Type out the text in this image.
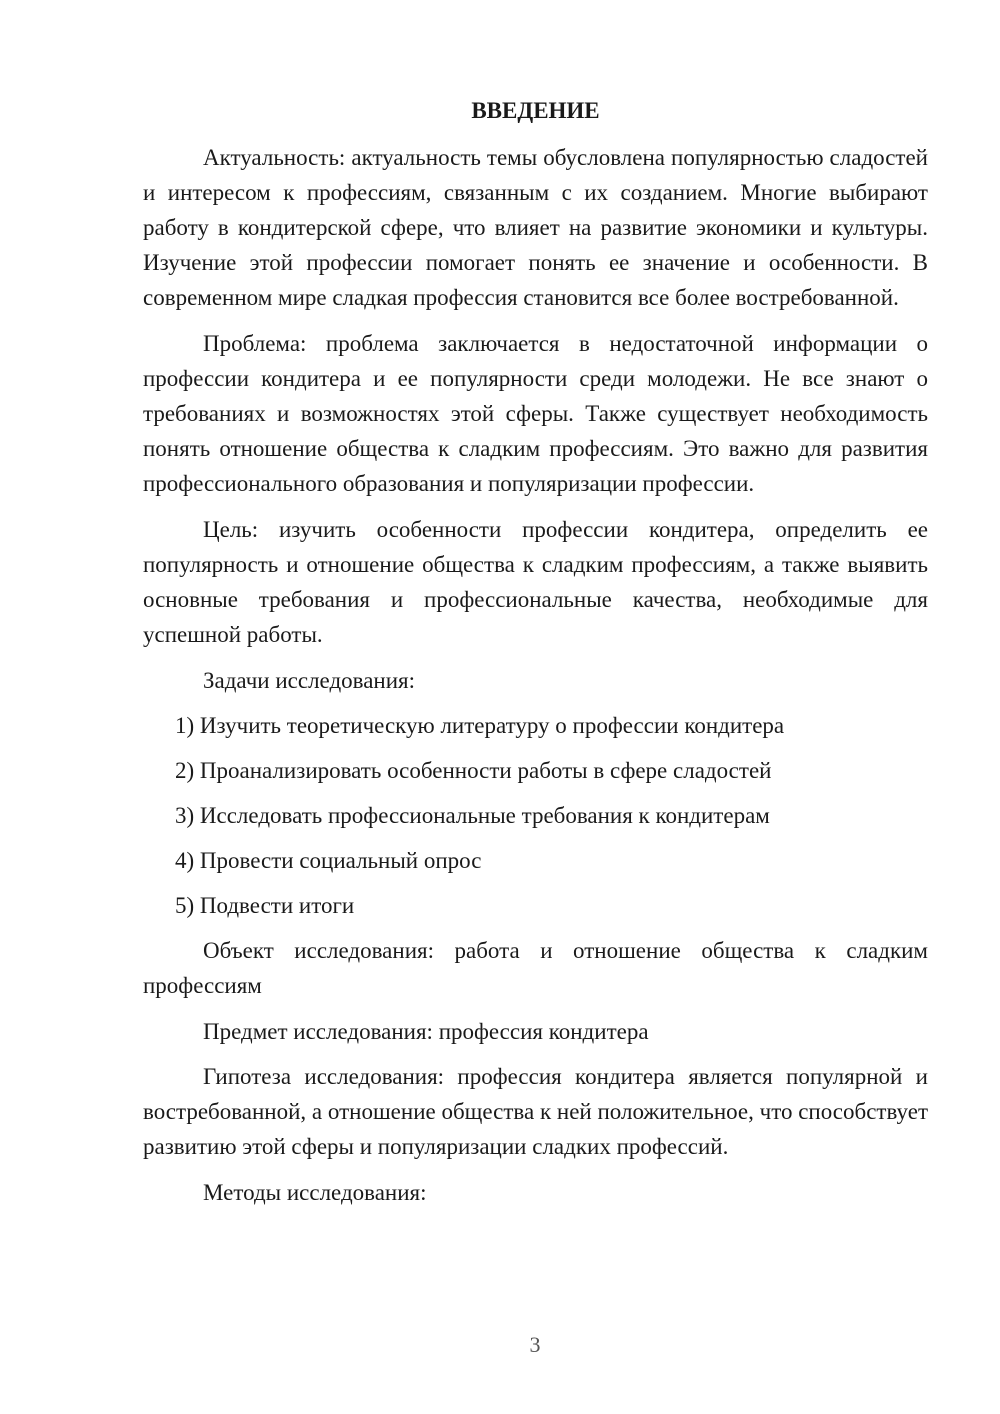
ВВЕДЕНИЕ

Актуальность: актуальность темы обусловлена популярностью сладостей и интересом к профессиям, связанным с их созданием. Многие выбирают работу в кондитерской сфере, что влияет на развитие экономики и культуры. Изучение этой профессии помогает понять ее значение и особенности. В современном мире сладкая профессия становится все более востребованной.

Проблема: проблема заключается в недостаточной информации о профессии кондитера и ее популярности среди молодежи. Не все знают о требованиях и возможностях этой сферы. Также существует необходимость понять отношение общества к сладким профессиям. Это важно для развития профессионального образования и популяризации профессии.

Цель: изучить особенности профессии кондитера, определить ее популярность и отношение общества к сладким профессиям, а также выявить основные требования и профессиональные качества, необходимые для успешной работы.

Задачи исследования:

1) Изучить теоретическую литературу о профессии кондитера
2) Проанализировать особенности работы в сфере сладостей
3) Исследовать профессиональные требования к кондитерам
4) Провести социальный опрос
5) Подвести итоги

Объект исследования: работа и отношение общества к сладким профессиям

Предмет исследования: профессия кондитера

Гипотеза исследования: профессия кондитера является популярной и востребованной, а отношение общества к ней положительное, что способствует развитию этой сферы и популяризации сладких профессий.

Методы исследования:

3
